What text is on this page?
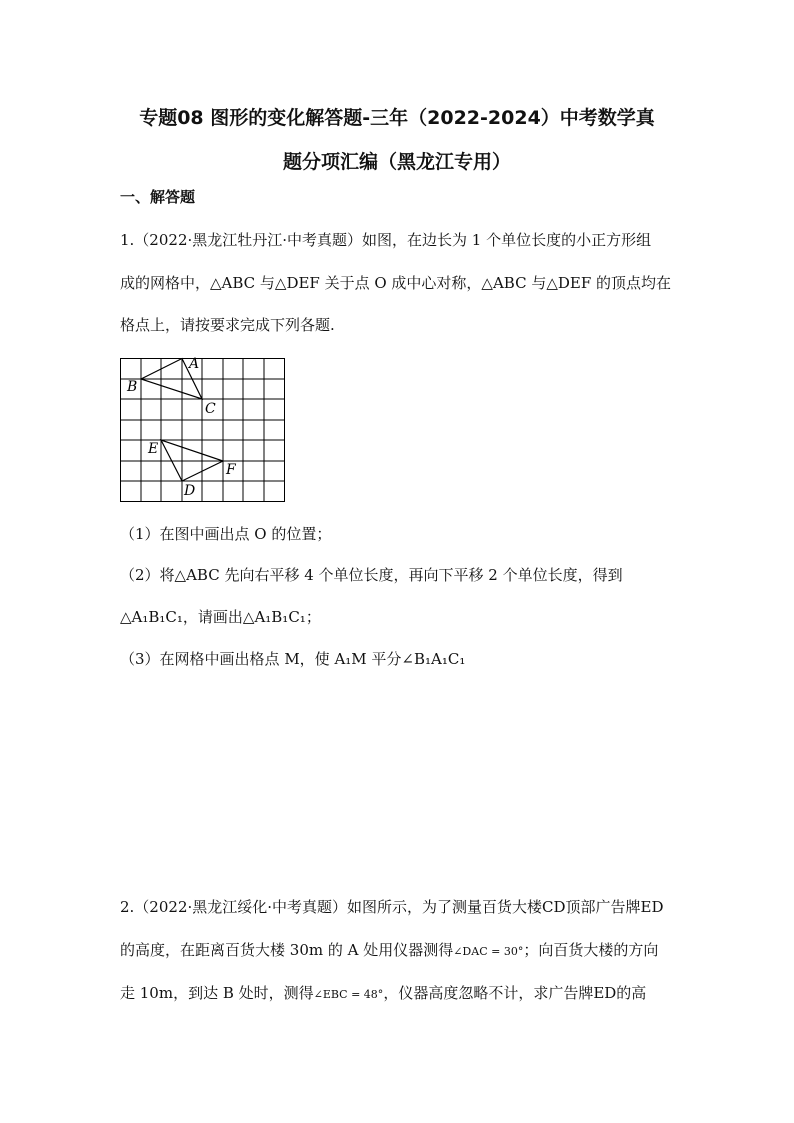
专题08 图形的变化解答题-三年（2022-2024）中考数学真
题分项汇编（黑龙江专用）
一、解答题
1.（2022·黑龙江牡丹江·中考真题）如图，在边长为 1 个单位长度的小正方形组
成的网格中，△ABC 与△DEF 关于点 O 成中心对称，△ABC 与△DEF 的顶点均在
格点上，请按要求完成下列各题.
A
B
C
E
F
D
（1）在图中画出点 O 的位置；
（2）将△ABC 先向右平移 4 个单位长度，再向下平移 2 个单位长度，得到
△A₁B₁C₁，请画出△A₁B₁C₁；
（3）在网格中画出格点 M，使 A₁M 平分∠B₁A₁C₁
2.（2022·黑龙江绥化·中考真题）如图所示，为了测量百货大楼CD顶部广告牌ED
的高度，在距离百货大楼 30m 的 A 处用仪器测得∠DAC = 30°；向百货大楼的方向
走 10m，到达 B 处时，测得∠EBC = 48°，仪器高度忽略不计，求广告牌ED的高
